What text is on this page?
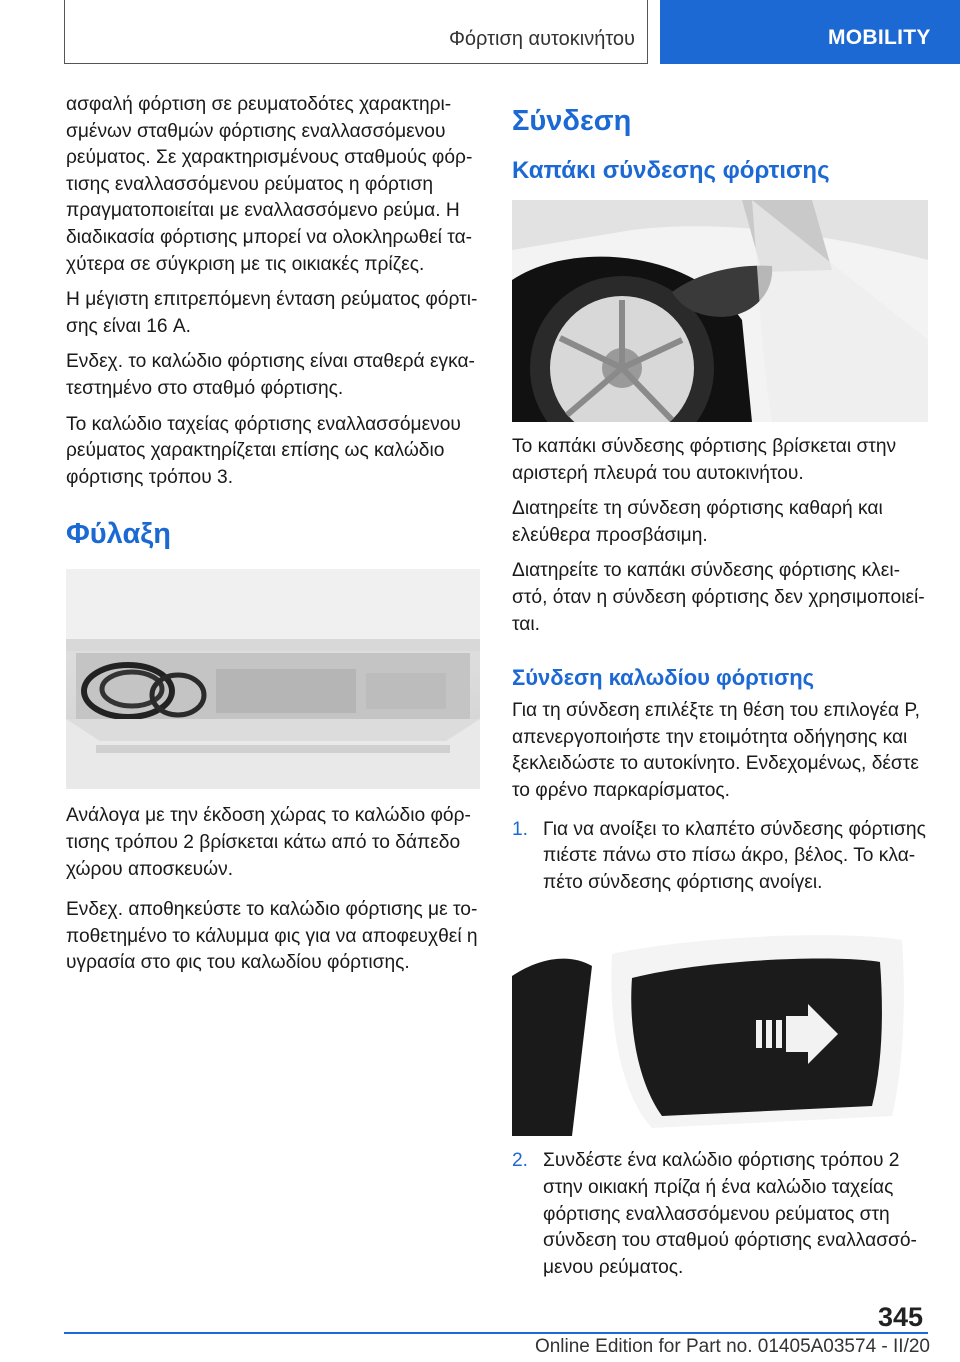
Φόρτιση αυτοκινήτου	MOBILITY

ασφαλή φόρτιση σε ρευματοδότες χαρακτηρι-σμένων σταθμών φόρτισης εναλλασσόμενου ρεύματος. Σε χαρακτηρισμένους σταθμούς φόρ-τισης εναλλασσόμενου ρεύματος η φόρτιση πραγματοποιείται με εναλλασσόμενο ρεύμα. Η διαδικασία φόρτισης μπορεί να ολοκληρωθεί τα-χύτερα σε σύγκριση με τις οικιακές πρίζες.

Η μέγιστη επιτρεπόμενη ένταση ρεύματος φόρτι-σης είναι 16 A.

Ενδεχ. το καλώδιο φόρτισης είναι σταθερά εγκα-τεστημένο στο σταθμό φόρτισης.

Το καλώδιο ταχείας φόρτισης εναλλασσόμενου ρεύματος χαρακτηρίζεται επίσης ως καλώδιο φόρτισης τρόπου 3.

Φύλαξη

Ανάλογα με την έκδοση χώρας το καλώδιο φόρ-τισης τρόπου 2 βρίσκεται κάτω από το δάπεδο χώρου αποσκευών.

Ενδεχ. αποθηκεύστε το καλώδιο φόρτισης με το-ποθετημένο το κάλυμμα φις για να αποφευχθεί η υγρασία στο φις του καλωδίου φόρτισης.

Σύνδεση
Καπάκι σύνδεσης φόρτισης

Το καπάκι σύνδεσης φόρτισης βρίσκεται στην αριστερή πλευρά του αυτοκινήτου.

Διατηρείτε τη σύνδεση φόρτισης καθαρή και ελεύθερα προσβάσιμη.

Διατηρείτε το καπάκι σύνδεσης φόρτισης κλει-στό, όταν η σύνδεση φόρτισης δεν χρησιμοποιεί-ται.

Σύνδεση καλωδίου φόρτισης

Για τη σύνδεση επιλέξτε τη θέση του επιλογέα P, απενεργοποιήστε την ετοιμότητα οδήγησης και ξεκλειδώστε το αυτοκίνητο. Ενδεχομένως, δέστε το φρένο παρκαρίσματος.

1. Για να ανοίξει το κλαπέτο σύνδεσης φόρτισης πιέστε πάνω στο πίσω άκρο, βέλος. Το κλα-πέτο σύνδεσης φόρτισης ανοίγει.
2. Συνδέστε ένα καλώδιο φόρτισης τρόπου 2 στην οικιακή πρίζα ή ένα καλώδιο ταχείας φόρτισης εναλλασσόμενου ρεύματος στη σύνδεση του σταθμού φόρτισης εναλλασσό-μενου ρεύματος.
345
Online Edition for Part no. 01405A03574 - II/20
